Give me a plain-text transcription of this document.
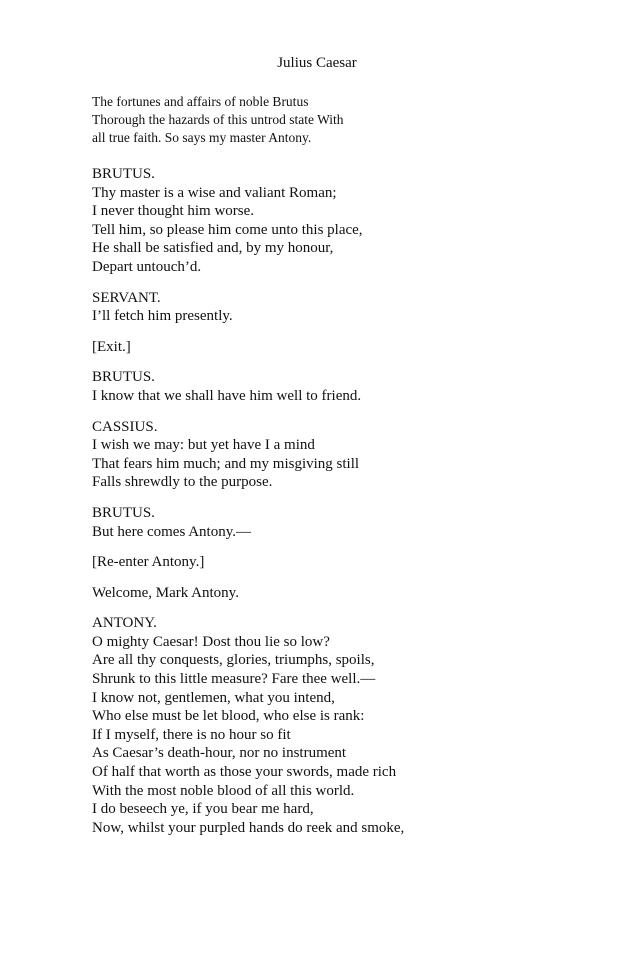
Julius Caesar
The fortunes and affairs of noble Brutus
Thorough the hazards of this untrod state With
all true faith. So says my master Antony.
BRUTUS.
Thy master is a wise and valiant Roman;
I never thought him worse.
Tell him, so please him come unto this place,
He shall be satisfied and, by my honour,
Depart untouch’d.
SERVANT.
I’ll fetch him presently.
[Exit.]
BRUTUS.
I know that we shall have him well to friend.
CASSIUS.
I wish we may: but yet have I a mind
That fears him much; and my misgiving still
Falls shrewdly to the purpose.
BRUTUS.
But here comes Antony.—
[Re-enter Antony.]
Welcome, Mark Antony.
ANTONY.
O mighty Caesar! Dost thou lie so low?
Are all thy conquests, glories, triumphs, spoils,
Shrunk to this little measure? Fare thee well.—
I know not, gentlemen, what you intend,
Who else must be let blood, who else is rank:
If I myself, there is no hour so fit
As Caesar’s death-hour, nor no instrument
Of half that worth as those your swords, made rich
With the most noble blood of all this world.
I do beseech ye, if you bear me hard,
Now, whilst your purpled hands do reek and smoke,
